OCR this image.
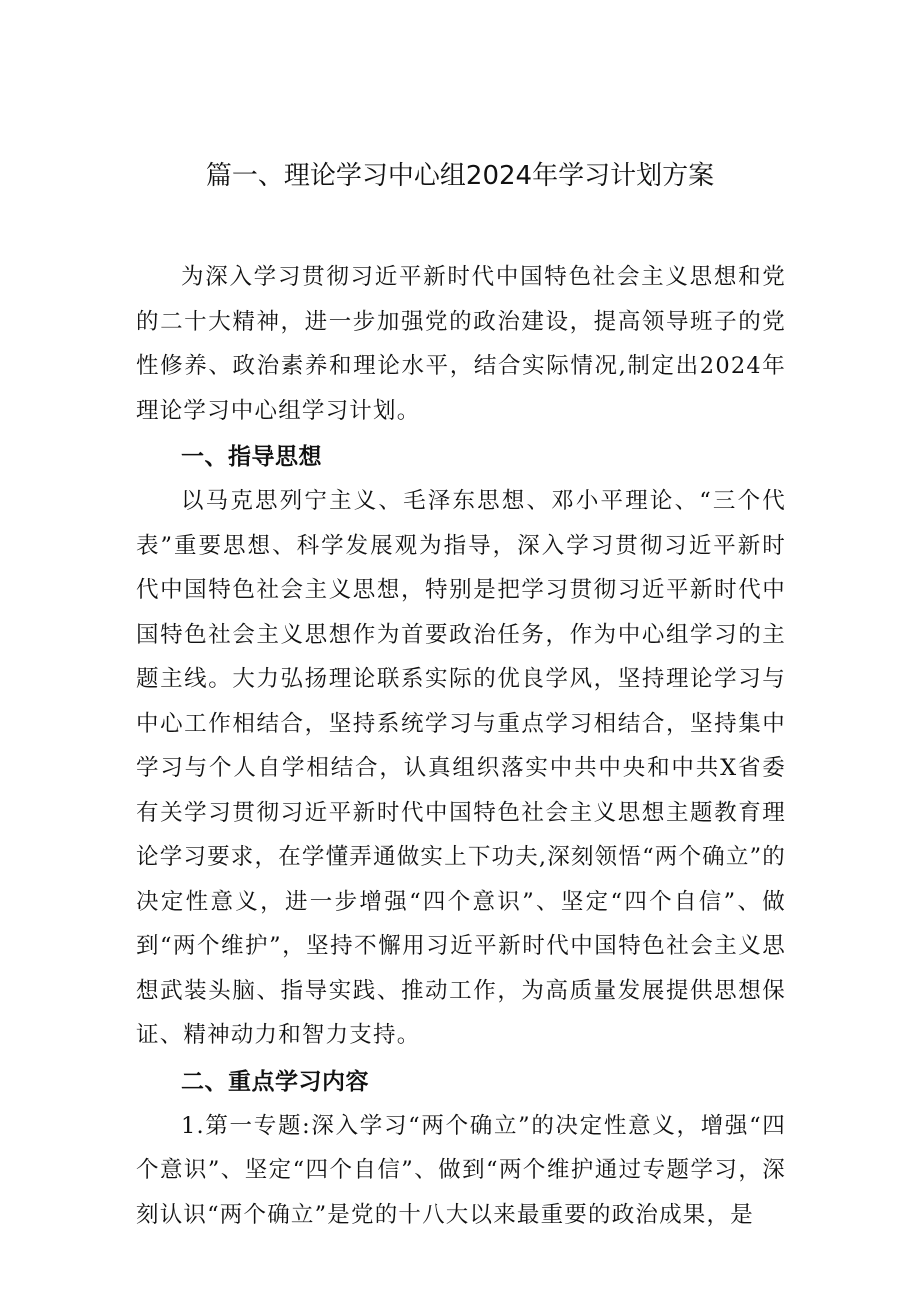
篇一、理论学习中心组2024年学习计划方案

为深入学习贯彻习近平新时代中国特色社会主义思想和党的二十大精神，进一步加强党的政治建设，提高领导班子的党性修养、政治素养和理论水平，结合实际情况,制定出2024年理论学习中心组学习计划。

一、指导思想

以马克思列宁主义、毛泽东思想、邓小平理论、“三个代表”重要思想、科学发展观为指导，深入学习贯彻习近平新时代中国特色社会主义思想，特别是把学习贯彻习近平新时代中国特色社会主义思想作为首要政治任务，作为中心组学习的主题主线。大力弘扬理论联系实际的优良学风，坚持理论学习与中心工作相结合，坚持系统学习与重点学习相结合，坚持集中学习与个人自学相结合，认真组织落实中共中央和中共X省委有关学习贯彻习近平新时代中国特色社会主义思想主题教育理论学习要求，在学懂弄通做实上下功夫,深刻领悟“两个确立”的决定性意义，进一步增强“四个意识”、坚定“四个自信”、做到“两个维护”，坚持不懈用习近平新时代中国特色社会主义思想武装头脑、指导实践、推动工作，为高质量发展提供思想保证、精神动力和智力支持。

二、重点学习内容

1.第一专题:深入学习“两个确立”的决定性意义，增强“四个意识”、坚定“四个自信”、做到“两个维护通过专题学习，深刻认识“两个确立”是党的十八大以来最重要的政治成果，是
